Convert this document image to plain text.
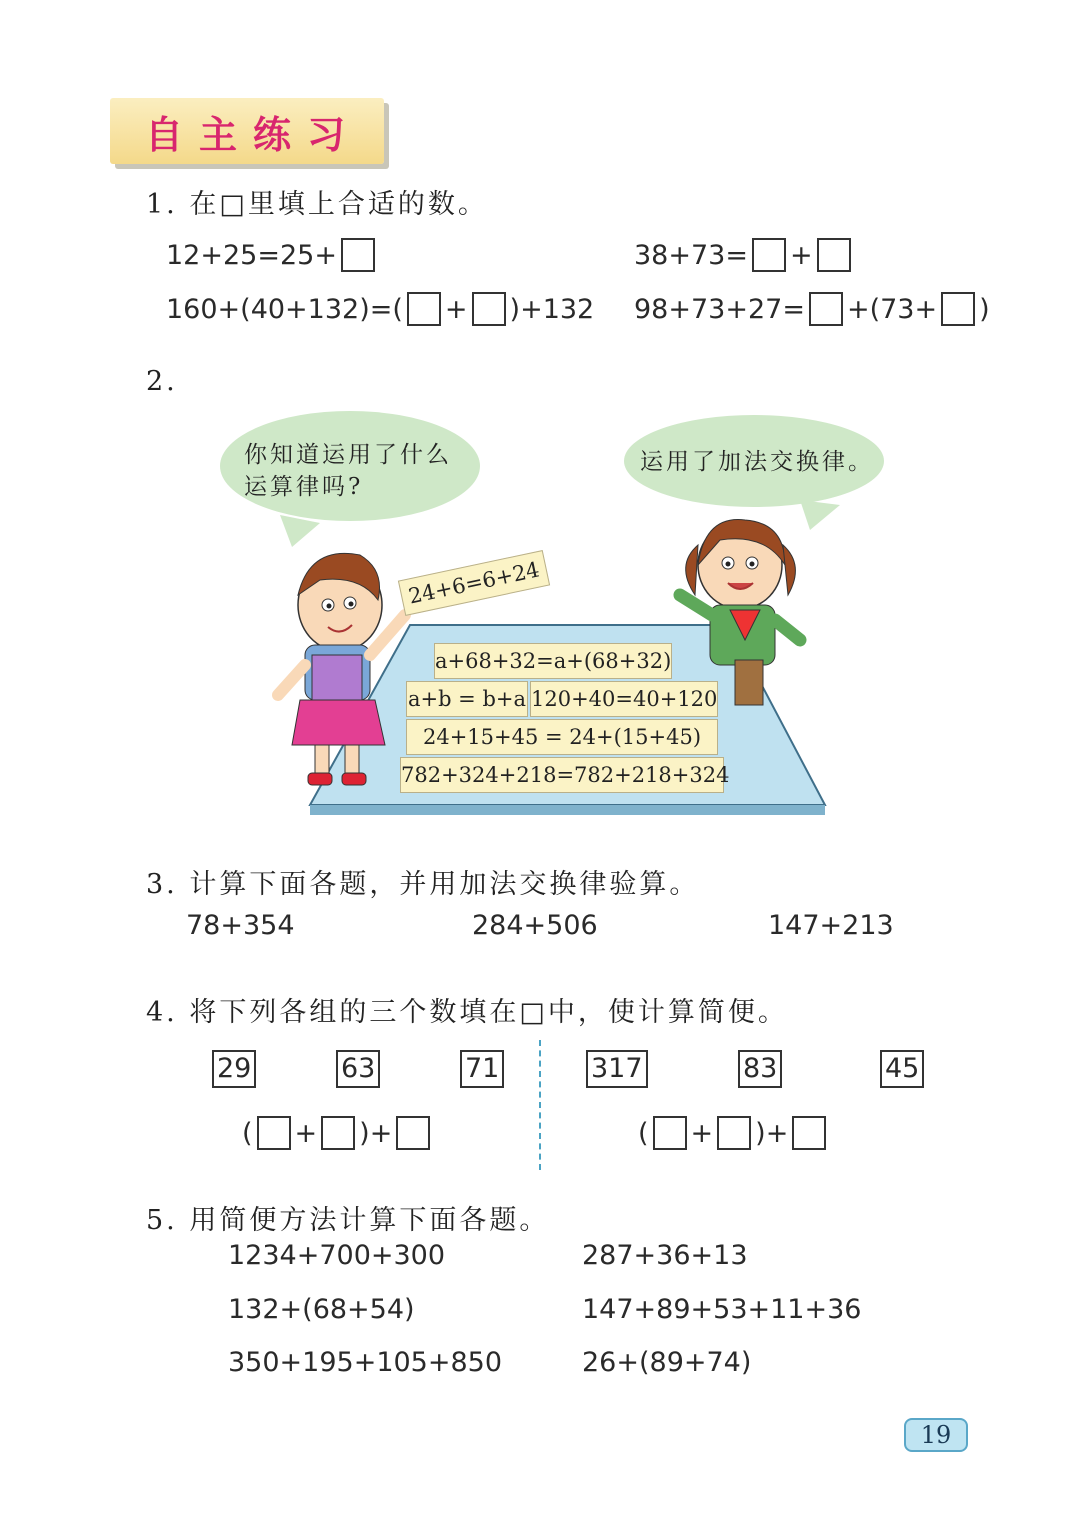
自主练习
1. 在□里填上合适的数。
12+25=25+	38+73= +
160+(40+132)=( + )+132 98+73+27= +(73+ )
2.
你知道运用了什么
运算律吗?
运用了加法交换律。
24+6=6+24
a+68+32=a+(68+32)
a+b = b+a 120+40=40+120
24+15+45 = 24+(15+45)
782+324+218=782+218+324
3. 计算下面各题，并用加法交换律验算。
78+354	284+506	147+213
4. 将下列各组的三个数填在□中，使计算简便。
29	63	71
( + )+
317	83	45
( + )+
5. 用简便方法计算下面各题。
1234+700+300	287+36+13
132+(68+54)	147+89+53+11+36
350+195+105+850	26+(89+74)
19
